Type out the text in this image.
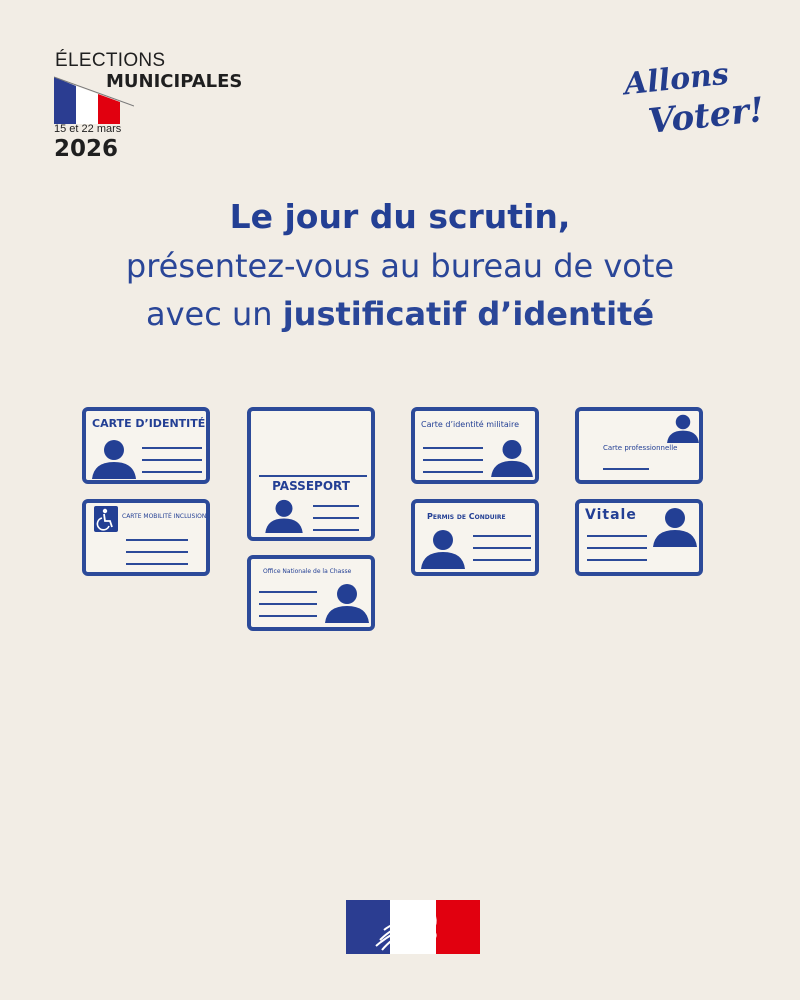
ÉLECTIONS
MUNICIPALES
15 et 22 mars
2026
Allons
Voter!
Le jour du scrutin,
présentez-vous au bureau de vote
avec un justificatif d’identité
CARTE D’IDENTITÉ
CARTE MOBILITÉ INCLUSION
PASSEPORT
Office Nationale de la Chasse
Carte d’identité militaire
Permis de Conduire
Carte professionnelle
Vitale
